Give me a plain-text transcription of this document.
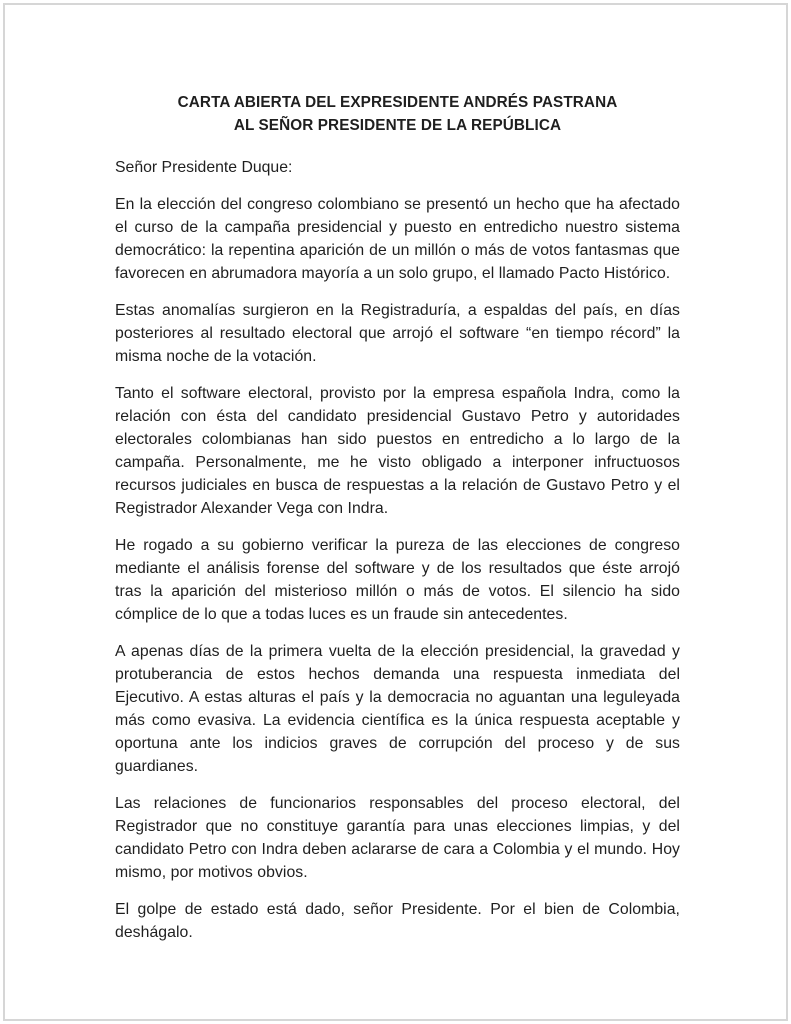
CARTA ABIERTA DEL EXPRESIDENTE ANDRÉS PASTRANA
AL SEÑOR PRESIDENTE DE LA REPÚBLICA

Señor Presidente Duque:

En la elección del congreso colombiano se presentó un hecho que ha afectado el curso de la campaña presidencial y puesto en entredicho nuestro sistema democrático: la repentina aparición de un millón o más de votos fantasmas que favorecen en abrumadora mayoría a un solo grupo, el llamado Pacto Histórico.

Estas anomalías surgieron en la Registraduría, a espaldas del país, en días posteriores al resultado electoral que arrojó el software “en tiempo récord” la misma noche de la votación.

Tanto el software electoral, provisto por la empresa española Indra, como la relación con ésta del candidato presidencial Gustavo Petro y autoridades electorales colombianas han sido puestos en entredicho a lo largo de la campaña. Personalmente, me he visto obligado a interponer infructuosos recursos judiciales en busca de respuestas a la relación de Gustavo Petro y el Registrador Alexander Vega con Indra.

He rogado a su gobierno verificar la pureza de las elecciones de congreso mediante el análisis forense del software y de los resultados que éste arrojó tras la aparición del misterioso millón o más de votos. El silencio ha sido cómplice de lo que a todas luces es un fraude sin antecedentes.

A apenas días de la primera vuelta de la elección presidencial, la gravedad y protuberancia de estos hechos demanda una respuesta inmediata del Ejecutivo. A estas alturas el país y la democracia no aguantan una leguleyada más como evasiva. La evidencia científica es la única respuesta aceptable y oportuna ante los indicios graves de corrupción del proceso y de sus guardianes.

Las relaciones de funcionarios responsables del proceso electoral, del Registrador que no constituye garantía para unas elecciones limpias, y del candidato Petro con Indra deben aclararse de cara a Colombia y el mundo. Hoy mismo, por motivos obvios.

El golpe de estado está dado, señor Presidente. Por el bien de Colombia, deshágalo.
